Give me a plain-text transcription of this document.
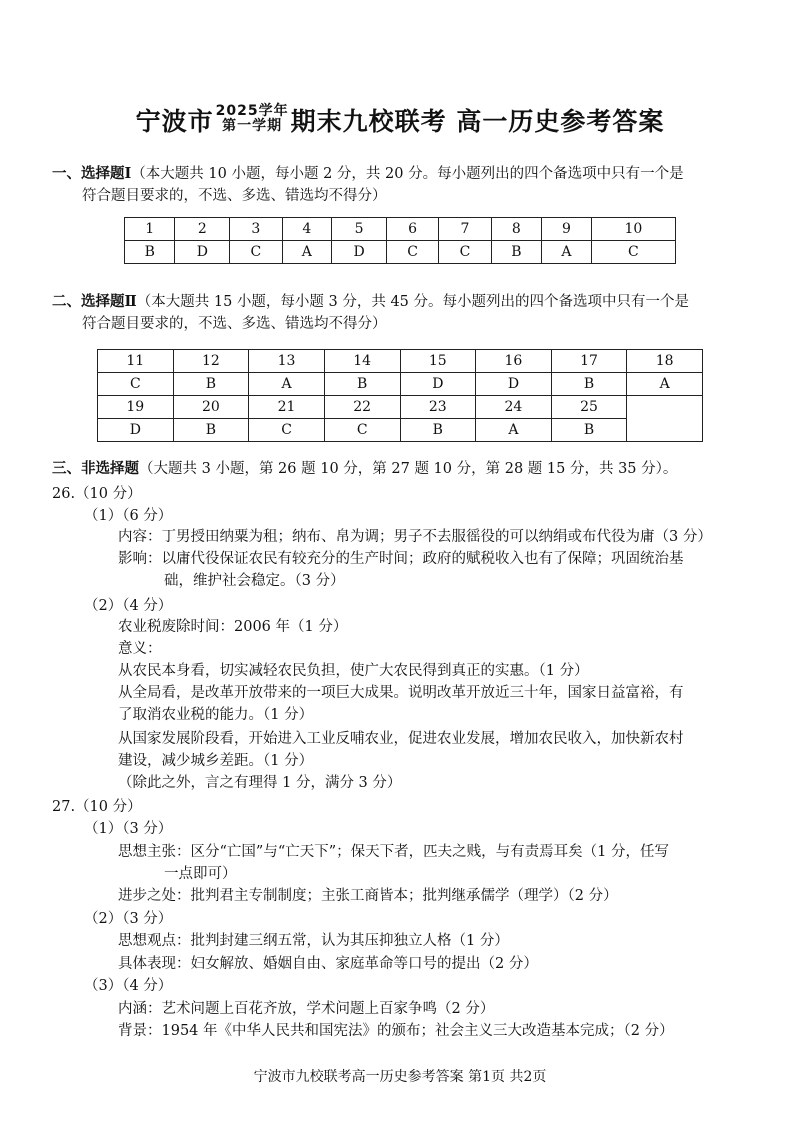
宁波市 2025学年
第一学期 期末九校联考 高一历史参考答案
一、选择题Ⅰ（本大题共 10 小题，每小题 2 分，共 20 分。每小题列出的四个备选项中只有一个是
符合题目要求的，不选、多选、错选均不得分）
1	2	3	4	5	6	7	8	9	10
B	D	C	A	D	C	C	B	A	C
二、选择题Ⅱ（本大题共 15 小题，每小题 3 分，共 45 分。每小题列出的四个备选项中只有一个是
符合题目要求的，不选、多选、错选均不得分）
11	12	13	14	15	16	17	18
C	B	A	B	D	D	B	A
19	20	21	22	23	24	25	
D	B	C	C	B	A	B	
三、非选择题（大题共 3 小题，第 26 题 10 分，第 27 题 10 分，第 28 题 15 分，共 35 分）。
26.（10 分）
（1）（6 分）
内容：丁男授田纳粟为租；纳布、帛为调；男子不去服徭役的可以纳绢或布代役为庸（3 分）
影响：以庸代役保证农民有较充分的生产时间；政府的赋税收入也有了保障；巩固统治基
础，维护社会稳定。（3 分）
（2）（4 分）
农业税废除时间：2006 年（1 分）
意义：
从农民本身看，切实减轻农民负担，使广大农民得到真正的实惠。（1 分）
从全局看，是改革开放带来的一项巨大成果。说明改革开放近三十年，国家日益富裕，有
了取消农业税的能力。（1 分）
从国家发展阶段看，开始进入工业反哺农业，促进农业发展，增加农民收入，加快新农村
建设，减少城乡差距。（1 分）
（除此之外，言之有理得 1 分，满分 3 分）
27.（10 分）
（1）（3 分）
思想主张：区分“亡国”与“亡天下”；保天下者，匹夫之贱，与有责焉耳矣（1 分，任写
一点即可）
进步之处：批判君主专制制度；主张工商皆本；批判继承儒学（理学）（2 分）
（2）（3 分）
思想观点：批判封建三纲五常，认为其压抑独立人格（1 分）
具体表现：妇女解放、婚姻自由、家庭革命等口号的提出（2 分）
（3）（4 分）
内涵：艺术问题上百花齐放，学术问题上百家争鸣（2 分）
背景：1954 年《中华人民共和国宪法》的颁布；社会主义三大改造基本完成；（2 分）
宁波市九校联考高一历史参考答案 第1页 共2页
